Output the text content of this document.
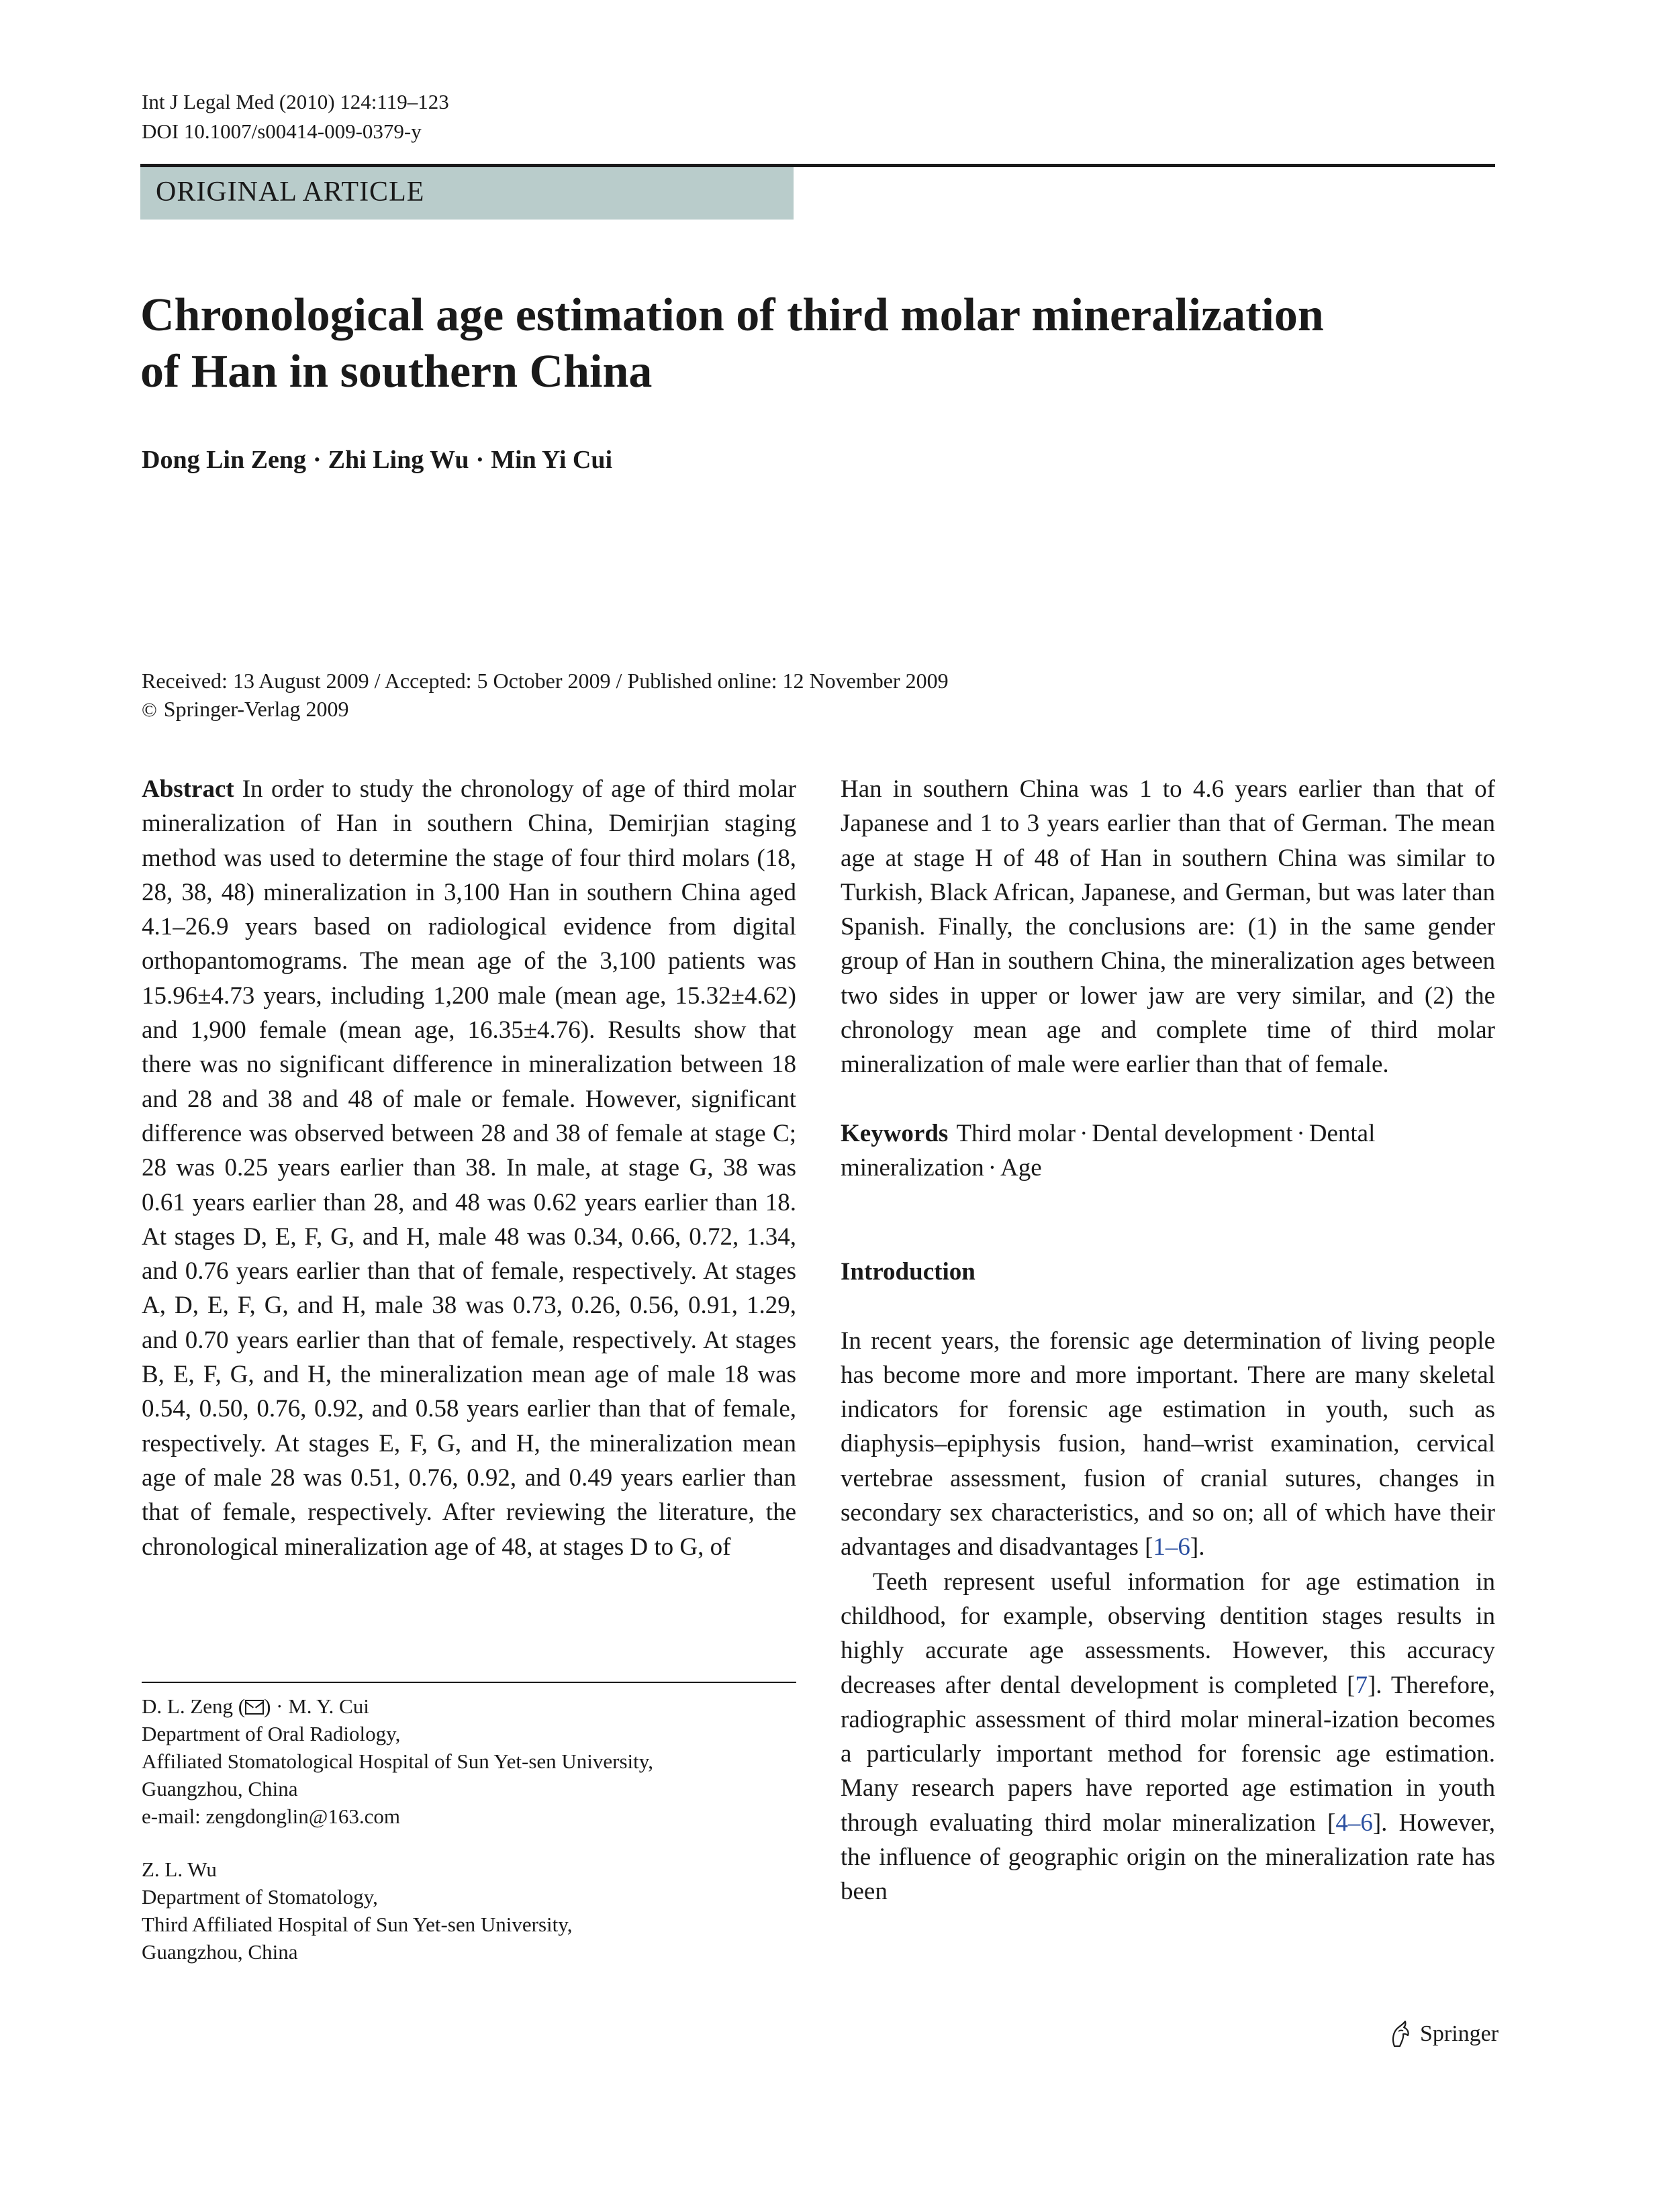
Int J Legal Med (2010) 124:119–123
DOI 10.1007/s00414-009-0379-y
ORIGINAL ARTICLE
Chronological age estimation of third molar mineralization
of Han in southern China
Dong Lin Zeng · Zhi Ling Wu · Min Yi Cui
Received: 13 August 2009 / Accepted: 5 October 2009 / Published online: 12 November 2009
© Springer-Verlag 2009

Abstract In order to study the chronology of age of third molar mineralization of Han in southern China, Demirjian staging method was used to determine the stage of four third molars (18, 28, 38, 48) mineralization in 3,100 Han in southern China aged 4.1–26.9 years based on radiological evidence from digital orthopantomograms. The mean age of the 3,100 patients was 15.96±4.73 years, including 1,200 male (mean age, 15.32±4.62) and 1,900 female (mean age, 16.35±4.76). Results show that there was no significant difference in mineralization between 18 and 28 and 38 and 48 of male or female. However, significant difference was observed between 28 and 38 of female at stage C; 28 was 0.25 years earlier than 38. In male, at stage G, 38 was 0.61 years earlier than 28, and 48 was 0.62 years earlier than 18. At stages D, E, F, G, and H, male 48 was 0.34, 0.66, 0.72, 1.34, and 0.76 years earlier than that of female, respectively. At stages A, D, E, F, G, and H, male 38 was 0.73, 0.26, 0.56, 0.91, 1.29, and 0.70 years earlier than that of female, respectively. At stages B, E, F, G, and H, the mineralization mean age of male 18 was 0.54, 0.50, 0.76, 0.92, and 0.58 years earlier than that of female, respectively. At stages E, F, G, and H, the mineralization mean age of male 28 was 0.51, 0.76, 0.92, and 0.49 years earlier than that of female, respectively. After reviewing the literature, the chronological mineralization age of 48, at stages D to G, of

Han in southern China was 1 to 4.6 years earlier than that of Japanese and 1 to 3 years earlier than that of German. The mean age at stage H of 48 of Han in southern China was similar to Turkish, Black African, Japanese, and German, but was later than Spanish. Finally, the conclusions are: (1) in the same gender group of Han in southern China, the mineralization ages between two sides in upper or lower jaw are very similar, and (2) the chronology mean age and complete time of third molar mineralization of male were earlier than that of female.

Keywords Third molar · Dental development · Dental mineralization · Age

Introduction

In recent years, the forensic age determination of living people has become more and more important. There are many skeletal indicators for forensic age estimation in youth, such as diaphysis–epiphysis fusion, hand–wrist examination, cervical vertebrae assessment, fusion of cranial sutures, changes in secondary sex characteristics, and so on; all of which have their advantages and disadvantages [1–6].

Teeth represent useful information for age estimation in childhood, for example, observing dentition stages results in highly accurate age assessments. However, this accuracy decreases after dental development is completed [7]. Therefore, radiographic assessment of third molar mineral-ization becomes a particularly important method for forensic age estimation. Many research papers have reported age estimation in youth through evaluating third molar mineralization [4–6]. However, the influence of geographic origin on the mineralization rate has been

D. L. Zeng ( ) · M. Y. Cui
Department of Oral Radiology,
Affiliated Stomatological Hospital of Sun Yet-sen University,
Guangzhou, China
e-mail: zengdonglin@163.com
Z. L. Wu
Department of Stomatology,
Third Affiliated Hospital of Sun Yet-sen University,
Guangzhou, China
Springer
